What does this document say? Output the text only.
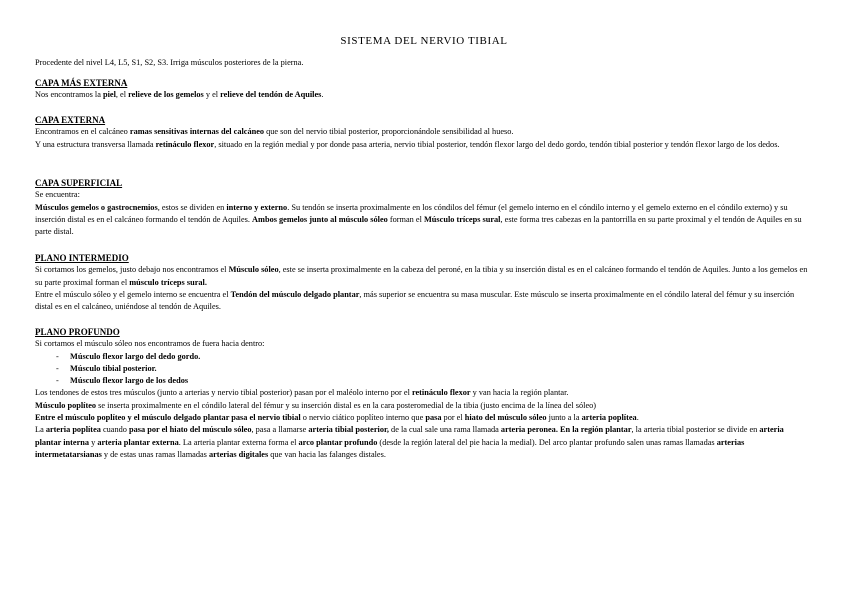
SISTEMA DEL NERVIO TIBIAL
Procedente del nivel L4, L5, S1, S2, S3. Irriga músculos posteriores de la pierna.
CAPA MÁS EXTERNA
Nos encontramos la piel, el relieve de los gemelos y el relieve del tendón de Aquiles.
CAPA EXTERNA
Encontramos en el calcáneo ramas sensitivas internas del calcáneo que son del nervio tibial posterior, proporcionándole sensibilidad al hueso.
Y una estructura transversa llamada retináculo flexor, situado en la región medial y por donde pasa arteria, nervio tibial posterior, tendón flexor largo del dedo gordo, tendón tibial posterior y tendón flexor largo de los dedos.
CAPA SUPERFICIAL
Se encuentra:
Músculos gemelos o gastrocnemios, estos se dividen en interno y externo. Su tendón se inserta proximalmente en los cóndilos del fémur (el gemelo interno en el cóndilo interno y el gemelo externo en el cóndilo externo) y su inserción distal es en el calcáneo formando el tendón de Aquiles. Ambos gemelos junto al músculo sóleo forman el Músculo tríceps sural, este forma tres cabezas en la pantorrilla en su parte proximal y el tendón de Aquiles en su parte distal.
PLANO INTERMEDIO
Si cortamos los gemelos, justo debajo nos encontramos el Músculo sóleo, este se inserta proximalmente en la cabeza del peroné, en la tibia y su inserción distal es en el calcáneo formando el tendón de Aquiles. Junto a los gemelos en su parte proximal forman el músculo tríceps sural.
Entre el músculo sóleo y el gemelo interno se encuentra el Tendón del músculo delgado plantar, más superior se encuentra su masa muscular. Este músculo se inserta proximalmente en el cóndilo lateral del fémur y su inserción distal es en el calcáneo, uniéndose al tendón de Aquiles.
PLANO PROFUNDO
Si cortamos el músculo sóleo nos encontramos de fuera hacia dentro:
- Músculo flexor largo del dedo gordo.
- Músculo tibial posterior.
- Músculo flexor largo de los dedos
Los tendones de estos tres músculos (junto a arterias y nervio tibial posterior) pasan por el maléolo interno por el retináculo flexor y van hacia la región plantar.
Músculo poplíteo se inserta proximalmente en el cóndilo lateral del fémur y su inserción distal es en la cara posteromedial de la tibia (justo encima de la línea del sóleo)
Entre el músculo poplíteo y el músculo delgado plantar pasa el nervio tibial o nervio ciático poplíteo interno que pasa por el hiato del músculo sóleo junto a la arteria poplítea.
La arteria poplítea cuando pasa por el hiato del músculo sóleo, pasa a llamarse arteria tibial posterior, de la cual sale una rama llamada arteria peronea. En la región plantar, la arteria tibial posterior se divide en arteria plantar interna y arteria plantar externa. La arteria plantar externa forma el arco plantar profundo (desde la región lateral del pie hacia la medial). Del arco plantar profundo salen unas ramas llamadas arterias intermetatarsianas y de estas unas ramas llamadas arterias digitales que van hacia las falanges distales.
